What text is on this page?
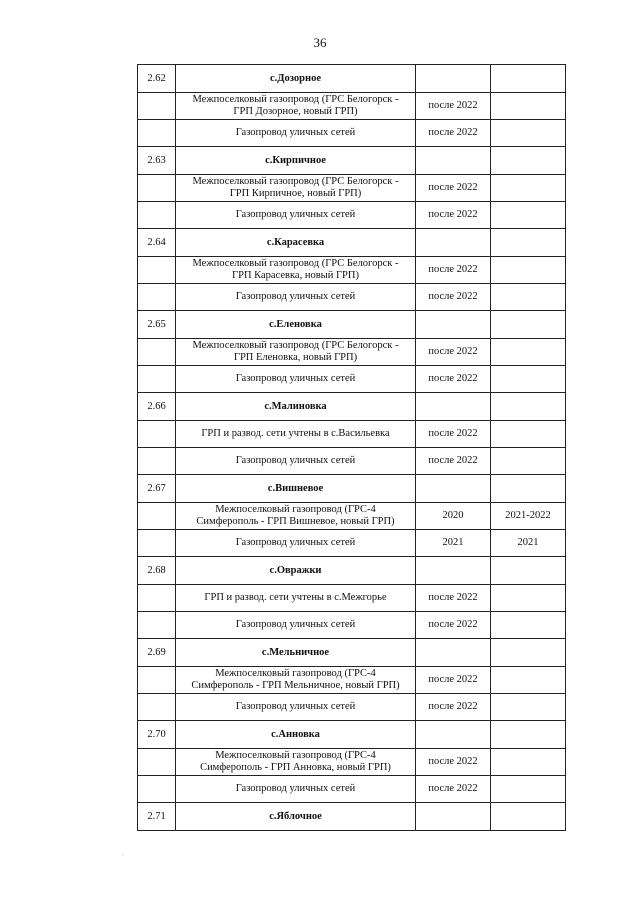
36
2.62	с.Дозорное		
	Межпоселковый газопровод (ГРС Белогорск -
ГРП Дозорное, новый ГРП)	после 2022	
	Газопровод уличных сетей	после 2022	
2.63	с.Кирпичное		
	Межпоселковый газопровод (ГРС Белогорск -
ГРП Кирпичное, новый ГРП)	после 2022	
	Газопровод уличных сетей	после 2022	
2.64	с.Карасевка		
	Межпоселковый газопровод (ГРС Белогорск -
ГРП Карасевка, новый ГРП)	после 2022	
	Газопровод уличных сетей	после 2022	
2.65	с.Еленовка		
	Межпоселковый газопровод (ГРС Белогорск -
ГРП Еленовка, новый ГРП)	после 2022	
	Газопровод уличных сетей	после 2022	
2.66	с.Малиновка		
	ГРП и развод. сети учтены в с.Васильевка	после 2022	
	Газопровод уличных сетей	после 2022	
2.67	с.Вишневое		
	Межпоселковый газопровод (ГРС-4
Симферополь - ГРП Вишневое, новый ГРП)	2020	2021-2022
	Газопровод уличных сетей	2021	2021
2.68	с.Овражки		
	ГРП и развод. сети учтены в с.Межгорье	после 2022	
	Газопровод уличных сетей	после 2022	
2.69	с.Мельничное		
	Межпоселковый газопровод (ГРС-4
Симферополь - ГРП Мельничное, новый ГРП)	после 2022	
	Газопровод уличных сетей	после 2022	
2.70	с.Анновка		
	Межпоселковый газопровод (ГРС-4
Симферополь - ГРП Анновка, новый ГРП)	после 2022	
	Газопровод уличных сетей	после 2022	
2.71	с.Яблочное		
·
